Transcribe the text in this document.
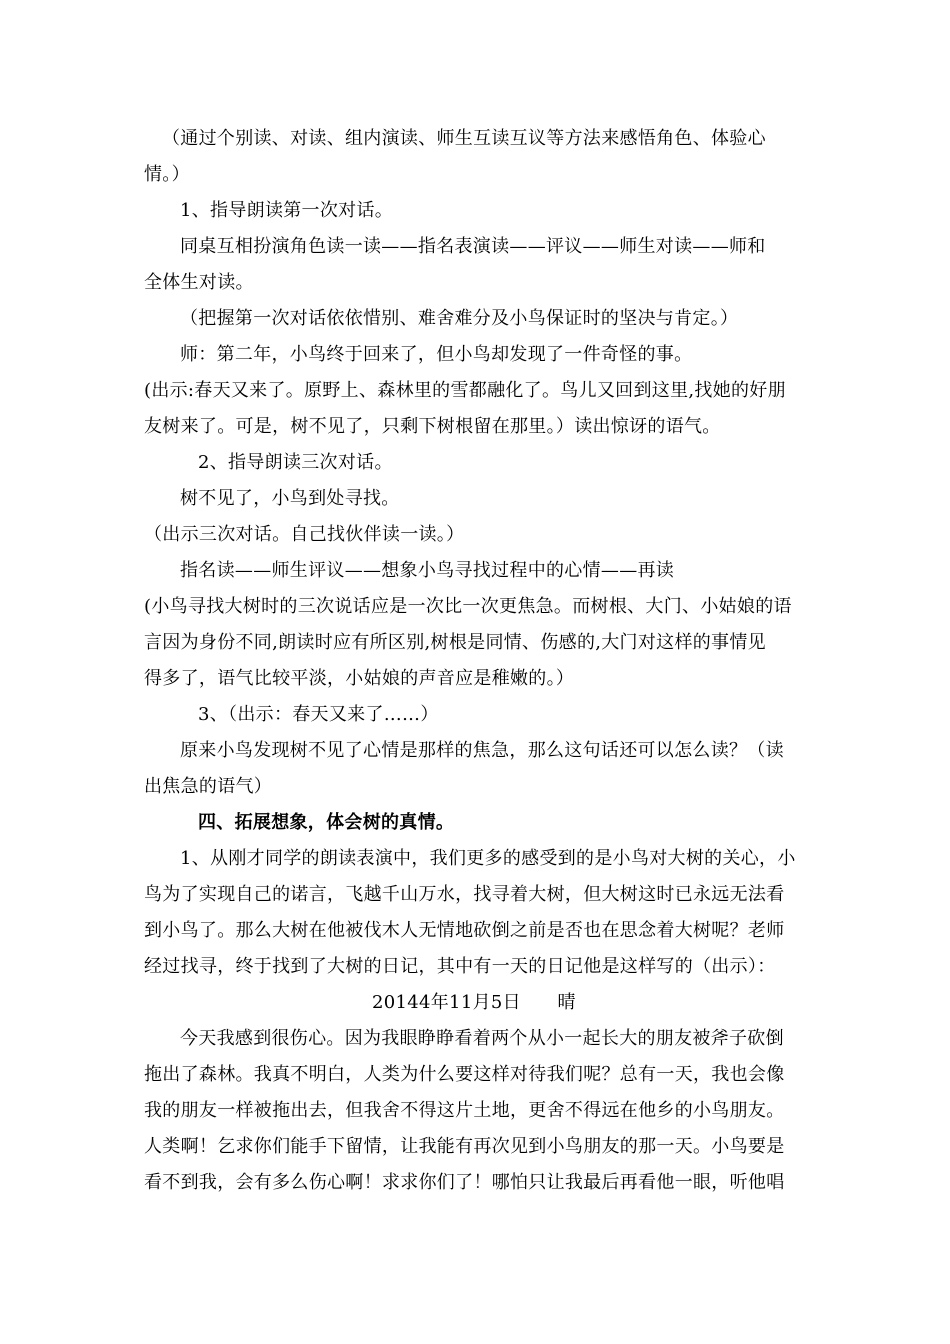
（通过个别读、对读、组内演读、师生互读互议等方法来感悟角色、体验心
情。）
1、指导朗读第一次对话。
同桌互相扮演角色读一读——指名表演读——评议——师生对读——师和
全体生对读。
（把握第一次对话依依惜别、难舍难分及小鸟保证时的坚决与肯定。）
师：第二年，小鸟终于回来了，但小鸟却发现了一件奇怪的事。
(出示:春天又来了。原野上、森林里的雪都融化了。鸟儿又回到这里,找她的好朋
友树来了。可是，树不见了，只剩下树根留在那里。）读出惊讶的语气。
2、指导朗读三次对话。
树不见了，小鸟到处寻找。
（出示三次对话。自己找伙伴读一读。）
指名读——师生评议——想象小鸟寻找过程中的心情——再读
(小鸟寻找大树时的三次说话应是一次比一次更焦急。而树根、大门、小姑娘的语
言因为身份不同,朗读时应有所区别,树根是同情、伤感的,大门对这样的事情见
得多了，语气比较平淡，小姑娘的声音应是稚嫩的。）
3、（出示：春天又来了……）
原来小鸟发现树不见了心情是那样的焦急，那么这句话还可以怎么读？（读
出焦急的语气）
四、拓展想象，体会树的真情。
1、从刚才同学的朗读表演中，我们更多的感受到的是小鸟对大树的关心，小
鸟为了实现自己的诺言，飞越千山万水，找寻着大树，但大树这时已永远无法看
到小鸟了。那么大树在他被伐木人无情地砍倒之前是否也在思念着大树呢？老师
经过找寻，终于找到了大树的日记，其中有一天的日记他是这样写的（出示）：
20144年11月5日　　晴
今天我感到很伤心。因为我眼睁睁看着两个从小一起长大的朋友被斧子砍倒
拖出了森林。我真不明白，人类为什么要这样对待我们呢？总有一天，我也会像
我的朋友一样被拖出去，但我舍不得这片土地，更舍不得远在他乡的小鸟朋友。
人类啊！乞求你们能手下留情，让我能有再次见到小鸟朋友的那一天。小鸟要是
看不到我，会有多么伤心啊！求求你们了！哪怕只让我最后再看他一眼，听他唱
